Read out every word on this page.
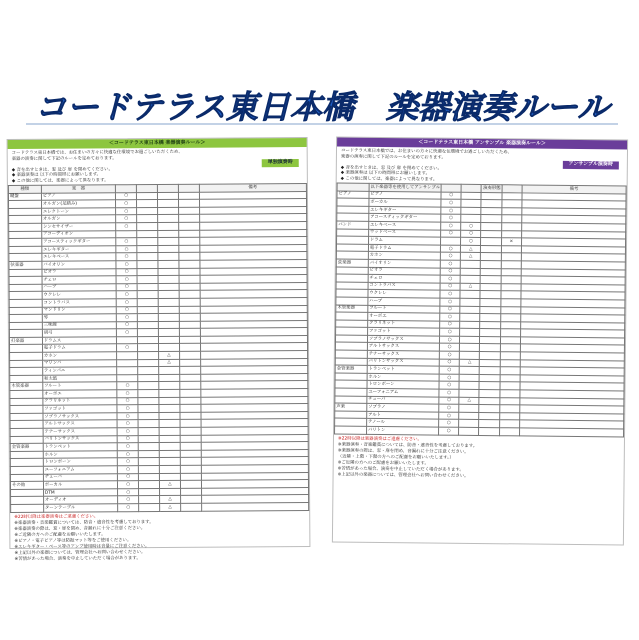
コードテラス東日本橋　楽器演奏ルール
＜コードテラス東日本橋 楽器演奏ルール＞
単独演奏時
コードテラス東日本橋では、お住まいの方々に快適な住環境でお過ごしいただくため、
楽器の演奏に関して下記のルールを定めております。
◆ 音を出すときは、窓 及び 扉 を閉めてください。
◆ 楽器演奏は 以下の時間帯にお願いします。
◆ この他に関しては、楽器によって異なります。
種類	楽　器					備考
鍵盤	ピアノ	○				
	オルガン(足踏み)	○				
	エレクトーン	○				
	オルガン	○				
	シンセサイザー	○				
	アコーディオン					
	アコースティックギター	○				
	エレキギター	○				
	エレキベース	○				
弦楽器	バイオリン	○				
	ビオラ	○				
	チェロ	○				
	ハープ	○				
	ウクレレ	○				
	コントラバス	○				
	マンドリン	○				
	琴	○				
	三味線	○				
	胡弓	○				
打楽器	ドラムス					
	電子ドラム	○				
	カホン			△		
	マリンバ			△		
	ティンパニ					
	和太鼓					
木管楽器	フルート	○				
	オーボエ	○				
	クラリネット	○				
	ファゴット	○				
	ソプラノサックス	○				
	アルトサックス	○				
	テナーサックス	○				
	バリトンサックス	○				
金管楽器	トランペット	○				
	ホルン	○				
	トロンボーン	○				
	ユーフォニアム	○				
	チューバ	○				
その他	ボーカル	○		△		
	DTM	○				
	オーディオ	○		△		
	ターンテーブル	○		△		
※22時以降は楽器演奏はご遠慮ください。
※楽器演奏・音楽鑑賞については、防音・遮音性を考慮しております。
※楽器演奏の際は、窓・扉を閉め、音漏れに十分ご注意ください。
※ご近隣の方へのご配慮をお願いいたします。
※ピアノ・電子ピアノ等は防振マット等をご使用ください。
※エレキギター・ベース等のアンプ使用時は音量にご注意ください。
※上記以外の楽器については、管理会社へお問い合わせください。
※苦情があった場合、演奏を中止していただく場合があります。
＜コードテラス東日本橋 アンサンブル 楽器演奏ルール＞
アンサンブル演奏時
コードテラス東日本橋では、お住まいの方々に快適な住環境でお過ごしいただくため、
楽器の演奏に関して下記のルールを定めております。
◆ 音を出すときは、窓 及び 扉 を閉めてください。
◆ 楽器演奏は 以下の時間帯にお願いします。
◆ この他に関しては、楽器によって異なります。
	以下楽器等を使用してアンサンブル			演奏形態		備考
ピアノ	ピアノ	○				
	ボーカル	○				
	エレキギター	○				
	アコースティックギター	○				
バンド	エレキベース	○	○			
	ウッドベース	○	○			
	ドラム		○		×	
	電子ドラム	○	△			
	カホン	○	△			
弦楽器	バイオリン	○				
	ビオラ	○				
	チェロ	○				
	コントラバス	○	△			
	ウクレレ	○				
	ハープ	○				
木管楽器	フルート	○				
	オーボエ	○				
	クラリネット	○				
	ファゴット	○				
	ソプラノサックス	○				
	アルトサックス	○				
	テナーサックス	○				
	バリトンサックス	○	△			
金管楽器	トランペット	○				
	ホルン	○				
	トロンボーン	○				
	ユーフォニアム	○				
	チューバ	○	△			
声楽	ソプラノ	○				
	アルト	○				
	テノール	○				
	バリトン	○				
※22時以降は楽器演奏はご遠慮ください。
※楽器演奏・音楽鑑賞については、防音・遮音性を考慮しております。
※楽器演奏の際は、窓・扉を閉め、音漏れに十分ご注意ください。
（近隣・上階・下階の方へのご配慮をお願いいたします。）
※ご近隣の方へのご配慮をお願いいたします。
※苦情があった場合、演奏を中止していただく場合があります。
※上記以外の楽器については、管理会社へお問い合わせください。
